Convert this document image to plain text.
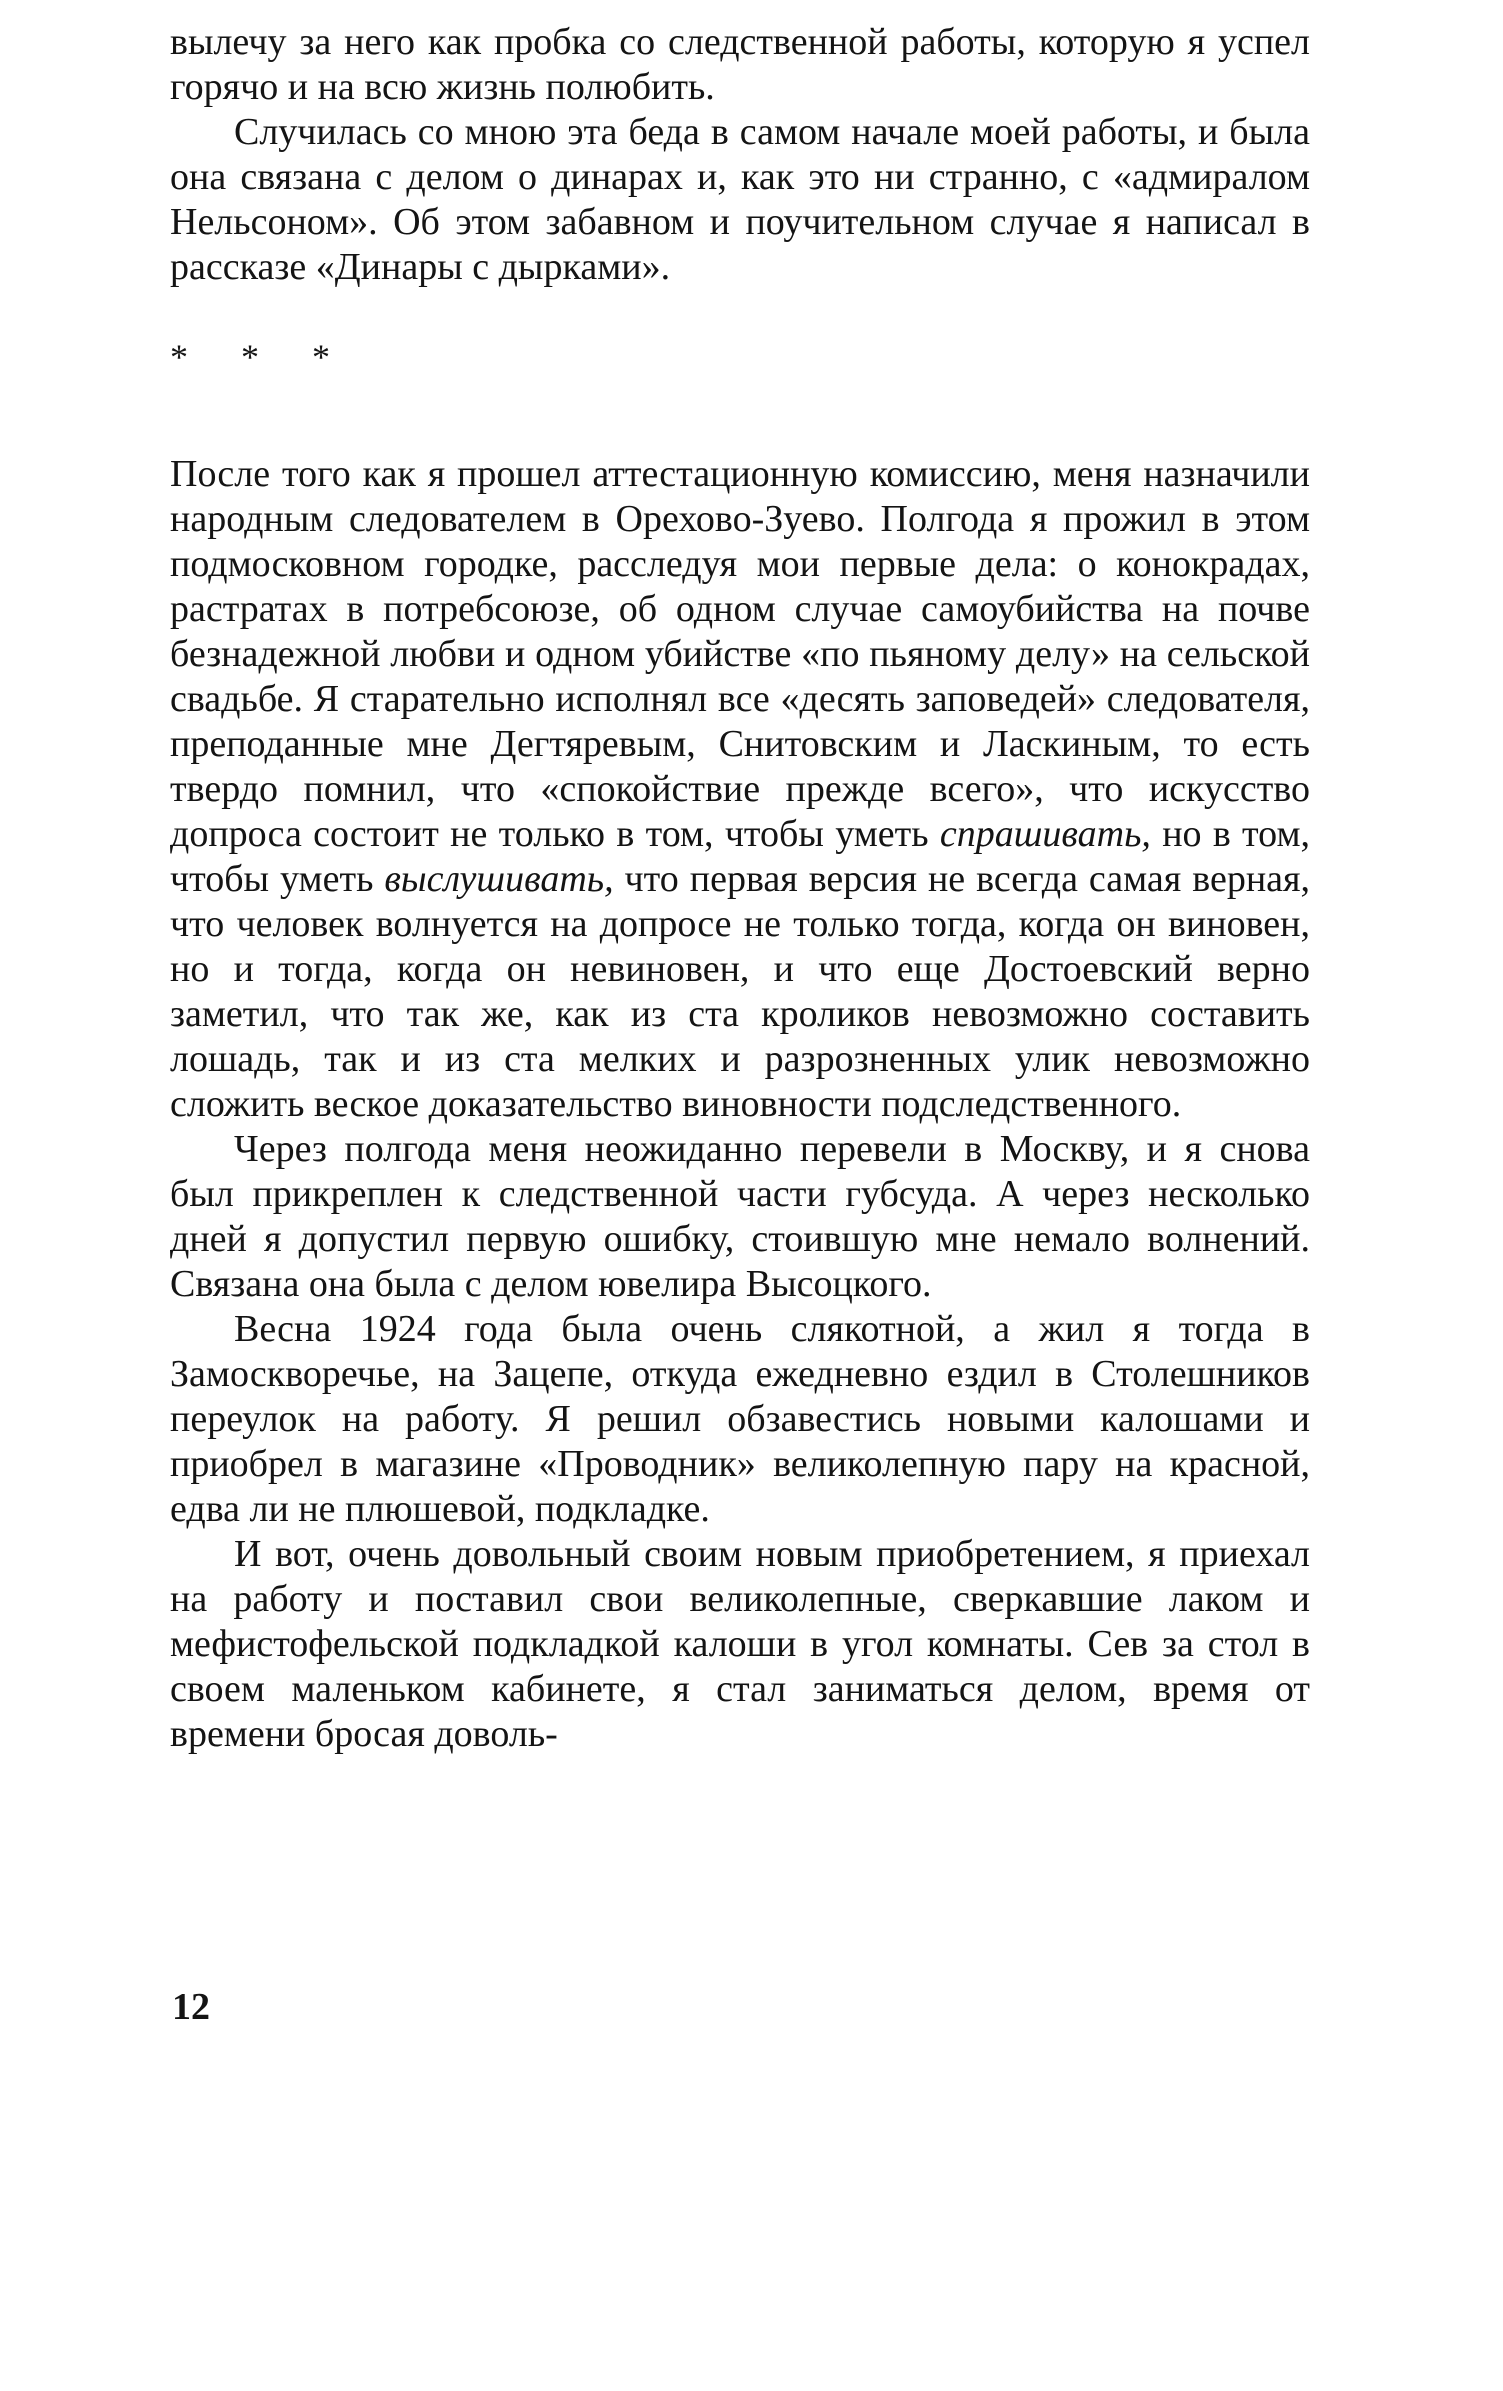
вылечу за него как пробка со следственной работы, которую я успел горячо и на всю жизнь полюбить.

Случилась со мною эта беда в самом начале моей работы, и была она связана с делом о динарах и, как это ни странно, с «адмиралом Нельсоном». Об этом забавном и поучительном случае я написал в рассказе «Динары с дырками».

* * *

После того как я прошел аттестационную комиссию, меня назначили народным следователем в Орехово-Зуево. Полгода я прожил в этом подмосковном городке, расследуя мои первые дела: о конокрадах, растратах в потребсоюзе, об одном случае самоубийства на почве безнадежной любви и одном убийстве «по пьяному делу» на сельской свадьбе. Я старательно исполнял все «десять заповедей» следователя, преподанные мне Дегтяревым, Снитовским и Ласкиным, то есть твердо помнил, что «спокойствие прежде всего», что искусство допроса состоит не только в том, чтобы уметь спрашивать, но в том, чтобы уметь выслушивать, что первая версия не всегда самая верная, что человек волнуется на допросе не только тогда, когда он виновен, но и тогда, когда он невиновен, и что еще Достоевский верно заметил, что так же, как из ста кроликов невозможно составить лошадь, так и из ста мелких и разрозненных улик невозможно сложить веское доказательство виновности подследственного.

Через полгода меня неожиданно перевели в Москву, и я снова был прикреплен к следственной части губсуда. А через несколько дней я допустил первую ошибку, стоившую мне немало волнений. Связана она была с делом ювелира Высоцкого.

Весна 1924 года была очень слякотной, а жил я тогда в Замоскворечье, на Зацепе, откуда ежедневно ездил в Столешников переулок на работу. Я решил обзавестись новыми калошами и приобрел в магазине «Проводник» великолепную пару на красной, едва ли не плюшевой, подкладке.

И вот, очень довольный своим новым приобретением, я приехал на работу и поставил свои великолепные, сверкавшие лаком и мефистофельской подкладкой калоши в угол комнаты. Сев за стол в своем маленьком кабинете, я стал заниматься делом, время от времени бросая доволь-

12
